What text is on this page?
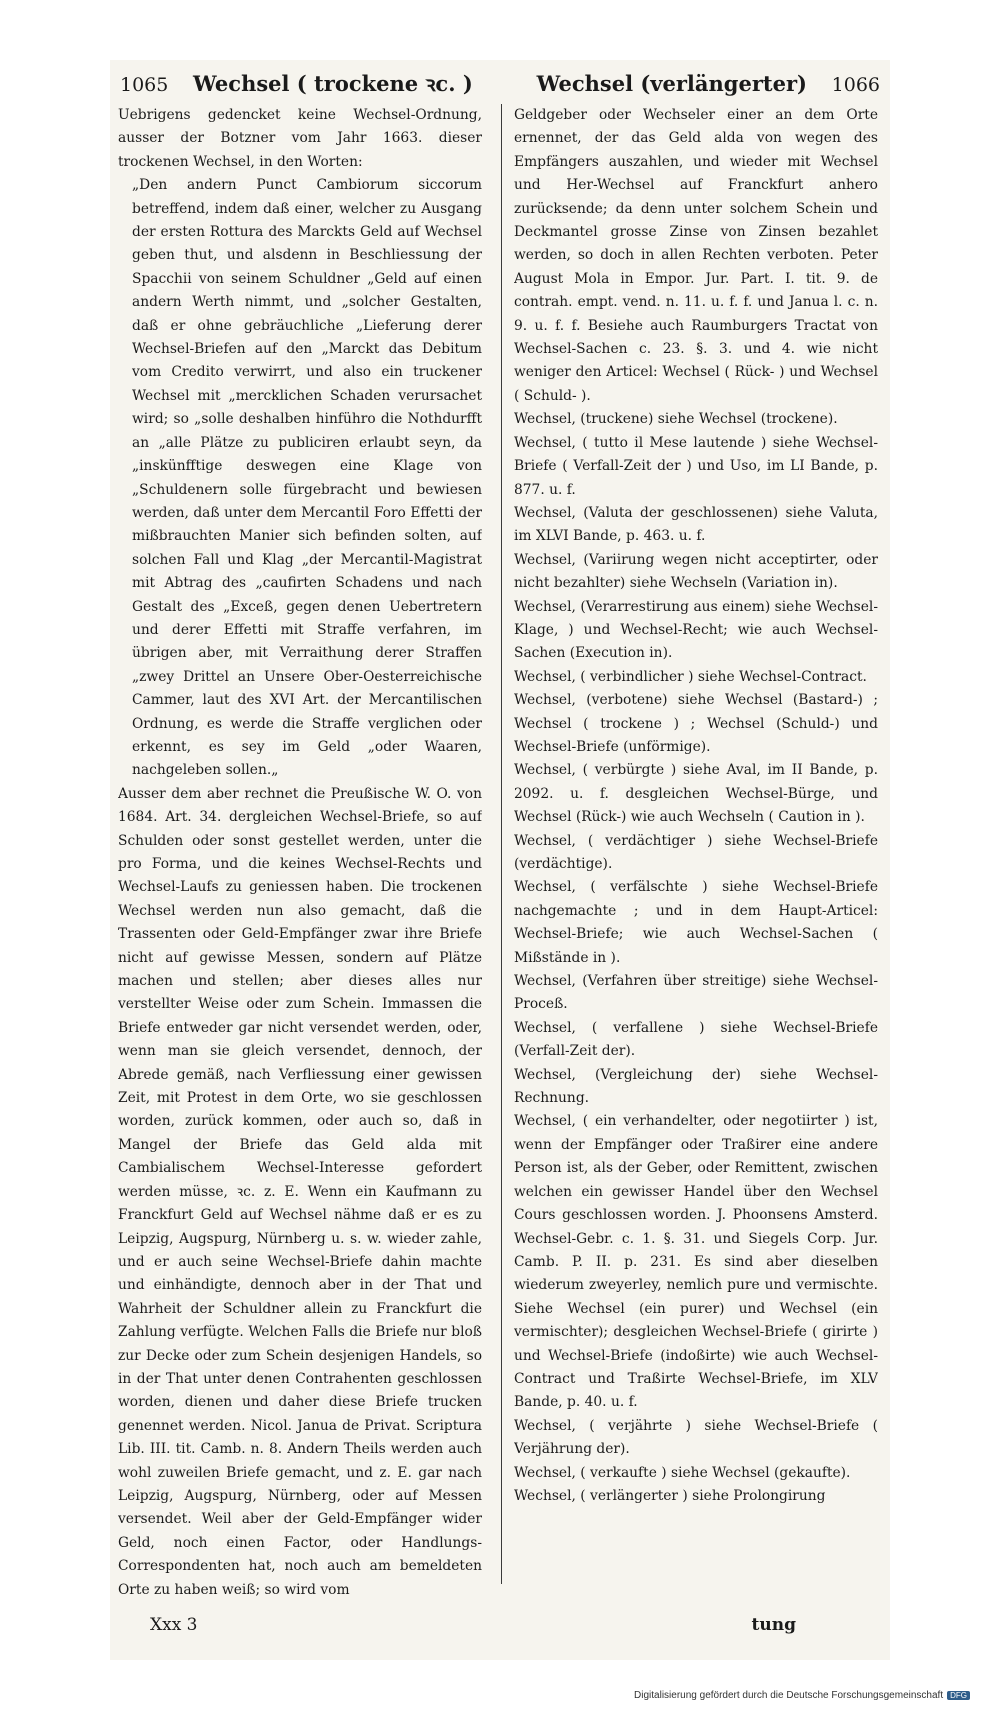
1065 Wechsel ( trockene ꝛc. )	Wechsel (verlängerter) 1066

Uebrigens gedencket keine Wechsel-Ordnung, ausser der Botzner vom Jahr 1663. dieser trockenen Wechsel, in den Worten:

„Den andern Punct Cambiorum siccorum betreffend, indem daß einer, welcher zu Ausgang der ersten Rottura des Marckts Geld auf Wechsel geben thut, und alsdenn in Beschliessung der Spacchii von seinem Schuldner „Geld auf einen andern Werth nimmt, und „solcher Gestalten, daß er ohne gebräuchliche „Lieferung derer Wechsel-Briefen auf den „Marckt das Debitum vom Credito verwirrt, und also ein truckener Wechsel mit „mercklichen Schaden verursachet wird; so „solle deshalben hinführo die Nothdurfft an „alle Plätze zu publiciren erlaubt seyn, da „inskünfftige deswegen eine Klage von „Schuldenern solle fürgebracht und bewiesen werden, daß unter dem Mercantil Foro Effetti der mißbrauchten Manier sich befinden solten, auf solchen Fall und Klag „der Mercantil-Magistrat mit Abtrag des „caufirten Schadens und nach Gestalt des „Exceß, gegen denen Uebertretern und derer Effetti mit Straffe verfahren, im übrigen aber, mit Verraithung derer Straffen „zwey Drittel an Unsere Ober-Oesterreichische Cammer, laut des XVI Art. der Mercantilischen Ordnung, es werde die Straffe verglichen oder erkennt, es sey im Geld „oder Waaren, nachgeleben sollen.„

Ausser dem aber rechnet die Preußische W. O. von 1684. Art. 34. dergleichen Wechsel-Briefe, so auf Schulden oder sonst gestellet werden, unter die pro Forma, und die keines Wechsel-Rechts und Wechsel-Laufs zu geniessen haben. Die trockenen Wechsel werden nun also gemacht, daß die Trassenten oder Geld-Empfänger zwar ihre Briefe nicht auf gewisse Messen, sondern auf Plätze machen und stellen; aber dieses alles nur verstellter Weise oder zum Schein. Immassen die Briefe entweder gar nicht versendet werden, oder, wenn man sie gleich versendet, dennoch, der Abrede gemäß, nach Verfliessung einer gewissen Zeit, mit Protest in dem Orte, wo sie geschlossen worden, zurück kommen, oder auch so, daß in Mangel der Briefe das Geld alda mit Cambialischem Wechsel-Interesse gefordert werden müsse, ꝛc. z. E. Wenn ein Kaufmann zu Franckfurt Geld auf Wechsel nähme daß er es zu Leipzig, Augspurg, Nürnberg u. s. w. wieder zahle, und er auch seine Wechsel-Briefe dahin machte und einhändigte, dennoch aber in der That und Wahrheit der Schuldner allein zu Franckfurt die Zahlung verfügte. Welchen Falls die Briefe nur bloß zur Decke oder zum Schein desjenigen Handels, so in der That unter denen Contrahenten geschlossen worden, dienen und daher diese Briefe trucken genennet werden. Nicol. Janua de Privat. Scriptura Lib. III. tit. Camb. n. 8. Andern Theils werden auch wohl zuweilen Briefe gemacht, und z. E. gar nach Leipzig, Augspurg, Nürnberg, oder auf Messen versendet. Weil aber der Geld-Empfänger wider Geld, noch einen Factor, oder Handlungs-Correspondenten hat, noch auch am bemeldeten Orte zu haben weiß; so wird vom

Geldgeber oder Wechseler einer an dem Orte ernennet, der das Geld alda von wegen des Empfängers auszahlen, und wieder mit Wechsel und Her-Wechsel auf Franckfurt anhero zurücksende; da denn unter solchem Schein und Deckmantel grosse Zinse von Zinsen bezahlet werden, so doch in allen Rechten verboten. Peter August Mola in Empor. Jur. Part. I. tit. 9. de contrah. empt. vend. n. 11. u. f. f. und Janua l. c. n. 9. u. f. f. Besiehe auch Raumburgers Tractat von Wechsel-Sachen c. 23. §. 3. und 4. wie nicht weniger den Articel: Wechsel ( Rück- ) und Wechsel ( Schuld- ).

Wechsel, (truckene) siehe Wechsel (trockene).

Wechsel, ( tutto il Mese lautende ) siehe Wechsel-Briefe ( Verfall-Zeit der ) und Uso, im LI Bande, p. 877. u. f.

Wechsel, (Valuta der geschlossenen) siehe Valuta, im XLVI Bande, p. 463. u. f.

Wechsel, (Variirung wegen nicht acceptirter, oder nicht bezahlter) siehe Wechseln (Variation in).

Wechsel, (Verarrestirung aus einem) siehe Wechsel-Klage, ) und Wechsel-Recht; wie auch Wechsel-Sachen (Execution in).

Wechsel, ( verbindlicher ) siehe Wechsel-Contract.

Wechsel, (verbotene) siehe Wechsel (Bastard-) ; Wechsel ( trockene ) ; Wechsel (Schuld-) und Wechsel-Briefe (unförmige).

Wechsel, ( verbürgte ) siehe Aval, im II Bande, p. 2092. u. f. desgleichen Wechsel-Bürge, und Wechsel (Rück-) wie auch Wechseln ( Caution in ).

Wechsel, ( verdächtiger ) siehe Wechsel-Briefe (verdächtige).

Wechsel, ( verfälschte ) siehe Wechsel-Briefe nachgemachte ; und in dem Haupt-Articel: Wechsel-Briefe; wie auch Wechsel-Sachen ( Mißstände in ).

Wechsel, (Verfahren über streitige) siehe Wechsel-Proceß.

Wechsel, ( verfallene ) siehe Wechsel-Briefe (Verfall-Zeit der).

Wechsel, (Vergleichung der) siehe Wechsel-Rechnung.

Wechsel, ( ein verhandelter, oder negotiirter ) ist, wenn der Empfänger oder Traßirer eine andere Person ist, als der Geber, oder Remittent, zwischen welchen ein gewisser Handel über den Wechsel Cours geschlossen worden. J. Phoonsens Amsterd. Wechsel-Gebr. c. 1. §. 31. und Siegels Corp. Jur. Camb. P. II. p. 231. Es sind aber dieselben wiederum zweyerley, nemlich pure und vermischte. Siehe Wechsel (ein purer) und Wechsel (ein vermischter); desgleichen Wechsel-Briefe ( girirte ) und Wechsel-Briefe (indoßirte) wie auch Wechsel-Contract und Traßirte Wechsel-Briefe, im XLV Bande, p. 40. u. f.

Wechsel, ( verjährte ) siehe Wechsel-Briefe ( Verjährung der).

Wechsel, ( verkaufte ) siehe Wechsel (gekaufte).

Wechsel, ( verlängerter ) siehe Prolongirung

Xxx 3	tung
Digitalisierung gefördert durch die Deutsche Forschungsgemeinschaft DFG
